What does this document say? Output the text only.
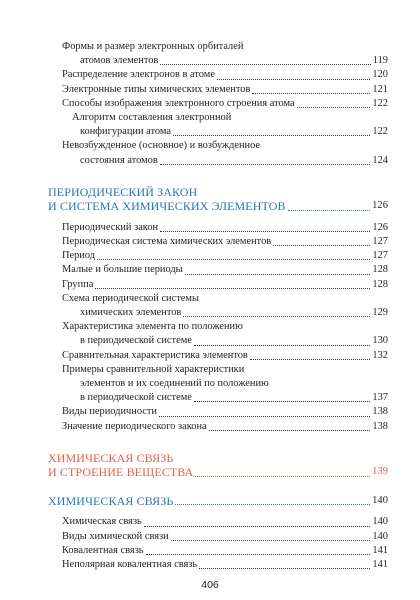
Формы и размер электронных орбиталей
атомов элементов	119
Распределение электронов в атоме	120
Электронные типы химических элементов	121
Способы изображения электронного строения атома	122
Алгоритм составления электронной
конфигурации атома	122
Невозбужденное (основное) и возбужденное
состояния атомов	124
ПЕРИОДИЧЕСКИЙ ЗАКОН
И СИСТЕМА ХИМИЧЕСКИХ ЭЛЕМЕНТОВ	126
Периодический закон	126
Периодическая система химических элементов	127
Период	127
Малые и большие периоды	128
Группа	128
Схема периодической системы
химических элементов	129
Характеристика элемента по положению
в периодической системе	130
Сравнительная характеристика элементов	132
Примеры сравнительной характеристики
элементов и их соединений по положению
в периодической системе	137
Виды периодичности	138
Значение периодического закона	138
ХИМИЧЕСКАЯ СВЯЗЬ
И СТРОЕНИЕ ВЕЩЕСТВА	139
ХИМИЧЕСКАЯ СВЯЗЬ	140
Химическая связь	140
Виды химической связи	140
Ковалентная связь	141
Неполярная ковалентная связь	141
406
